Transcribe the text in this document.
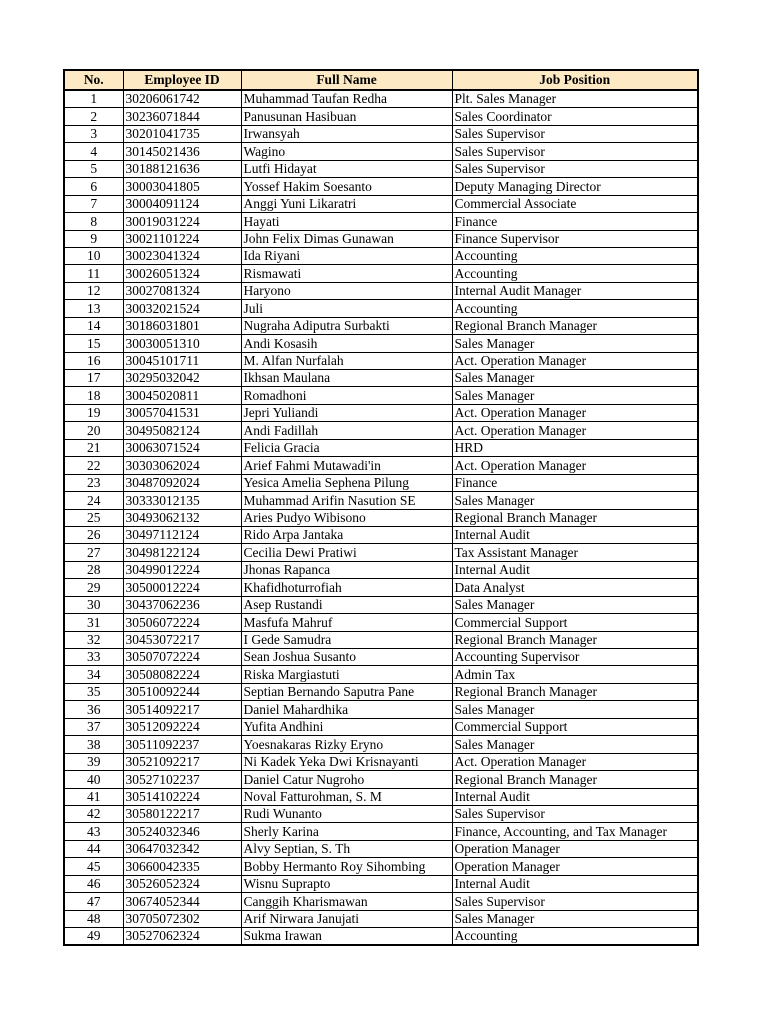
No.	Employee ID	Full Name	Job Position
1	30206061742	Muhammad Taufan Redha	Plt. Sales Manager
2	30236071844	Panusunan Hasibuan	Sales Coordinator
3	30201041735	Irwansyah	Sales Supervisor
4	30145021436	Wagino	Sales Supervisor
5	30188121636	Lutfi Hidayat	Sales Supervisor
6	30003041805	Yossef Hakim Soesanto	Deputy Managing Director
7	30004091124	Anggi Yuni Likaratri	Commercial Associate
8	30019031224	Hayati	Finance
9	30021101224	John Felix Dimas Gunawan	Finance Supervisor
10	30023041324	Ida Riyani	Accounting
11	30026051324	Rismawati	Accounting
12	30027081324	Haryono	Internal Audit Manager
13	30032021524	Juli	Accounting
14	30186031801	Nugraha Adiputra Surbakti	Regional Branch Manager
15	30030051310	Andi Kosasih	Sales Manager
16	30045101711	M. Alfan Nurfalah	Act. Operation Manager
17	30295032042	Ikhsan Maulana	Sales Manager
18	30045020811	Romadhoni	Sales Manager
19	30057041531	Jepri Yuliandi	Act. Operation Manager
20	30495082124	Andi Fadillah	Act. Operation Manager
21	30063071524	Felicia Gracia	HRD
22	30303062024	Arief Fahmi Mutawadi'in	Act. Operation Manager
23	30487092024	Yesica Amelia Sephena Pilung	Finance
24	30333012135	Muhammad Arifin Nasution SE	Sales Manager
25	30493062132	Aries Pudyo Wibisono	Regional Branch Manager
26	30497112124	Rido Arpa Jantaka	Internal Audit
27	30498122124	Cecilia Dewi Pratiwi	Tax Assistant Manager
28	30499012224	Jhonas Rapanca	Internal Audit
29	30500012224	Khafidhoturrofiah	Data Analyst
30	30437062236	Asep Rustandi	Sales Manager
31	30506072224	Masfufa Mahruf	Commercial Support
32	30453072217	I Gede Samudra	Regional Branch Manager
33	30507072224	Sean Joshua Susanto	Accounting Supervisor
34	30508082224	Riska Margiastuti	Admin Tax
35	30510092244	Septian Bernando Saputra Pane	Regional Branch Manager
36	30514092217	Daniel Mahardhika	Sales Manager
37	30512092224	Yufita Andhini	Commercial Support
38	30511092237	Yoesnakaras Rizky Eryno	Sales Manager
39	30521092217	Ni Kadek Yeka Dwi Krisnayanti	Act. Operation Manager
40	30527102237	Daniel Catur Nugroho	Regional Branch Manager
41	30514102224	Noval Fatturohman, S. M	Internal Audit
42	30580122217	Rudi Wunanto	Sales Supervisor
43	30524032346	Sherly Karina	Finance, Accounting, and Tax Manager
44	30647032342	Alvy Septian, S. Th	Operation Manager
45	30660042335	Bobby Hermanto Roy Sihombing	Operation Manager
46	30526052324	Wisnu Suprapto	Internal Audit
47	30674052344	Canggih Kharismawan	Sales Supervisor
48	30705072302	Arif Nirwara Janujati	Sales Manager
49	30527062324	Sukma Irawan	Accounting
